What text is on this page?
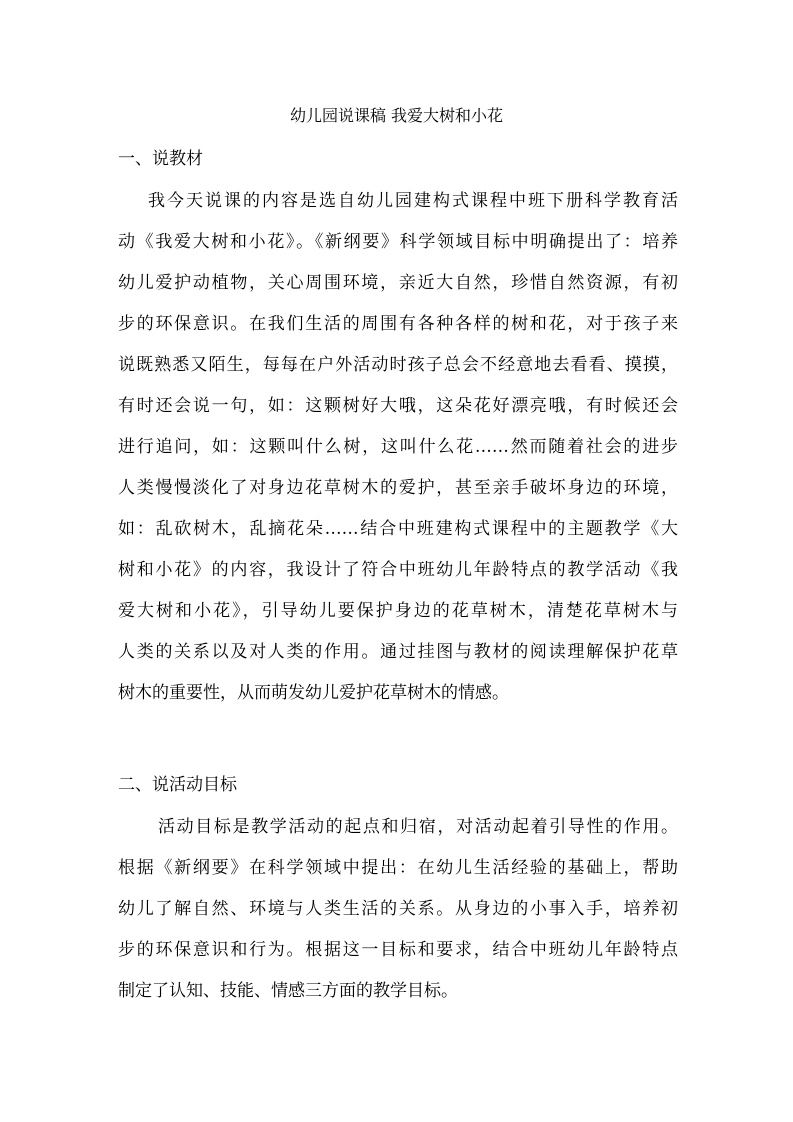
幼儿园说课稿 我爱大树和小花
一、说教材
我今天说课的内容是选自幼儿园建构式课程中班下册科学教育活
动《我爱大树和小花》。《新纲要》科学领域目标中明确提出了：培养
幼儿爱护动植物，关心周围环境，亲近大自然，珍惜自然资源，有初
步的环保意识。在我们生活的周围有各种各样的树和花，对于孩子来
说既熟悉又陌生，每每在户外活动时孩子总会不经意地去看看、摸摸，
有时还会说一句，如：这颗树好大哦，这朵花好漂亮哦，有时候还会
进行追问，如：这颗叫什么树，这叫什么花……然而随着社会的进步
人类慢慢淡化了对身边花草树木的爱护，甚至亲手破坏身边的环境，
如：乱砍树木，乱摘花朵……结合中班建构式课程中的主题教学《大
树和小花》的内容，我设计了符合中班幼儿年龄特点的教学活动《我
爱大树和小花》，引导幼儿要保护身边的花草树木，清楚花草树木与
人类的关系以及对人类的作用。通过挂图与教材的阅读理解保护花草
树木的重要性，从而萌发幼儿爱护花草树木的情感。
二、说活动目标
活动目标是教学活动的起点和归宿，对活动起着引导性的作用。
根据《新纲要》在科学领域中提出：在幼儿生活经验的基础上，帮助
幼儿了解自然、环境与人类生活的关系。从身边的小事入手，培养初
步的环保意识和行为。根据这一目标和要求，结合中班幼儿年龄特点
制定了认知、技能、情感三方面的教学目标。
